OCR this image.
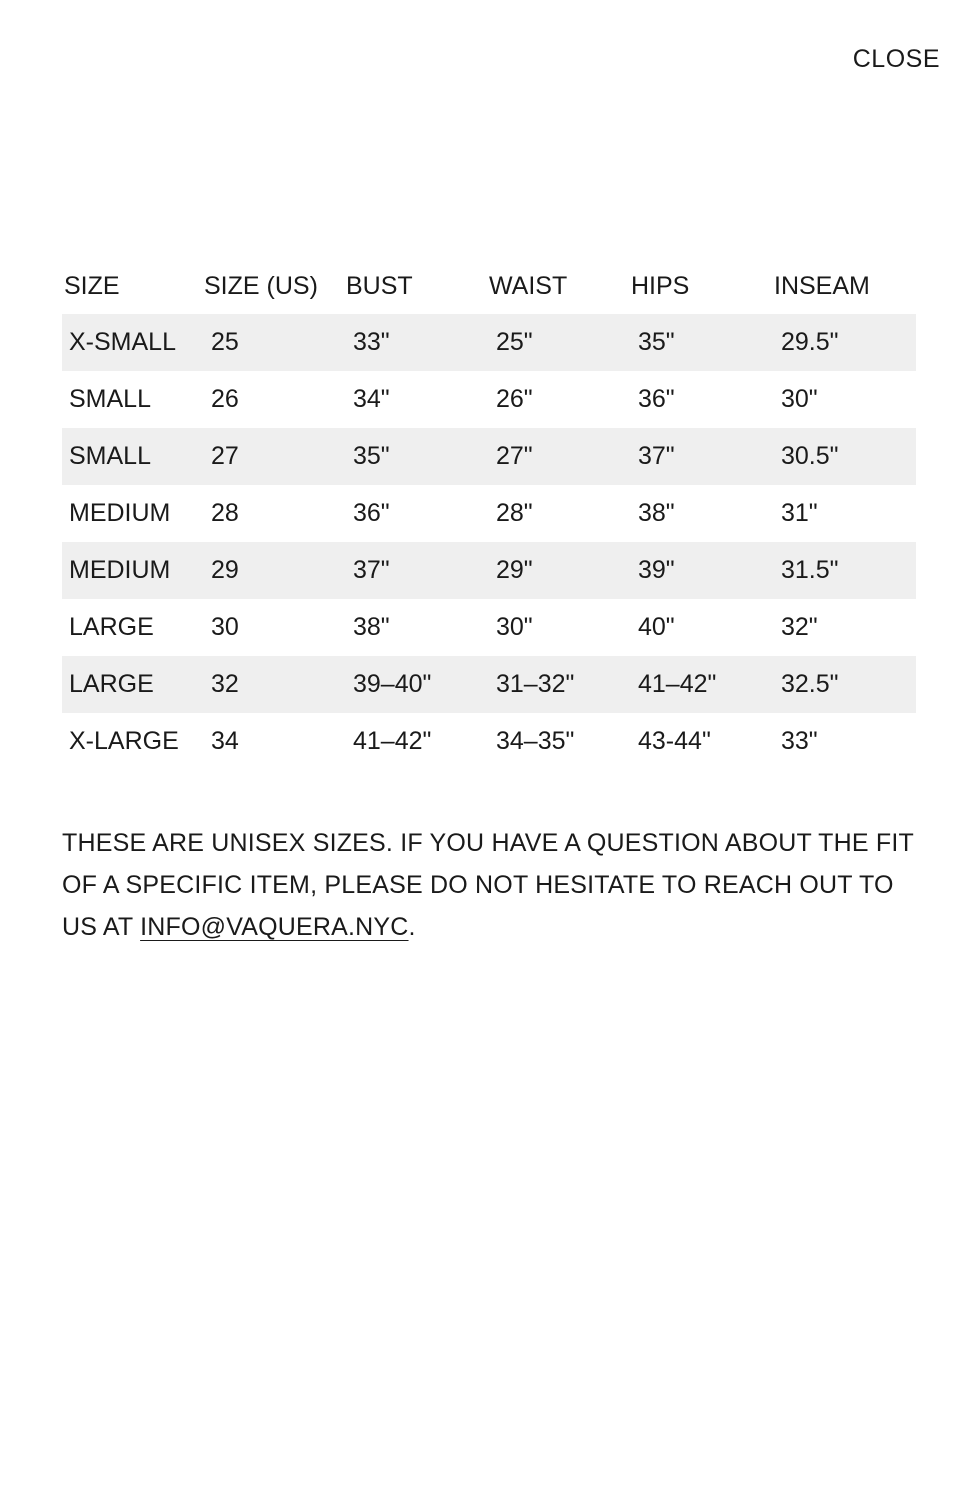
CLOSE
SIZE	SIZE (US)	BUST	WAIST	HIPS	INSEAM
X-SMALL	25	33"	25"	35"	29.5"
SMALL	26	34"	26"	36"	30"
SMALL	27	35"	27"	37"	30.5"
MEDIUM	28	36"	28"	38"	31"
MEDIUM	29	37"	29"	39"	31.5"
LARGE	30	38"	30"	40"	32"
LARGE	32	39–40"	31–32"	41–42"	32.5"
X-LARGE	34	41–42"	34–35"	43-44"	33"
THESE ARE UNISEX SIZES. IF YOU HAVE A QUESTION ABOUT THE FIT OF A SPECIFIC ITEM, PLEASE DO NOT HESITATE TO REACH OUT TO US AT INFO@VAQUERA.NYC.
